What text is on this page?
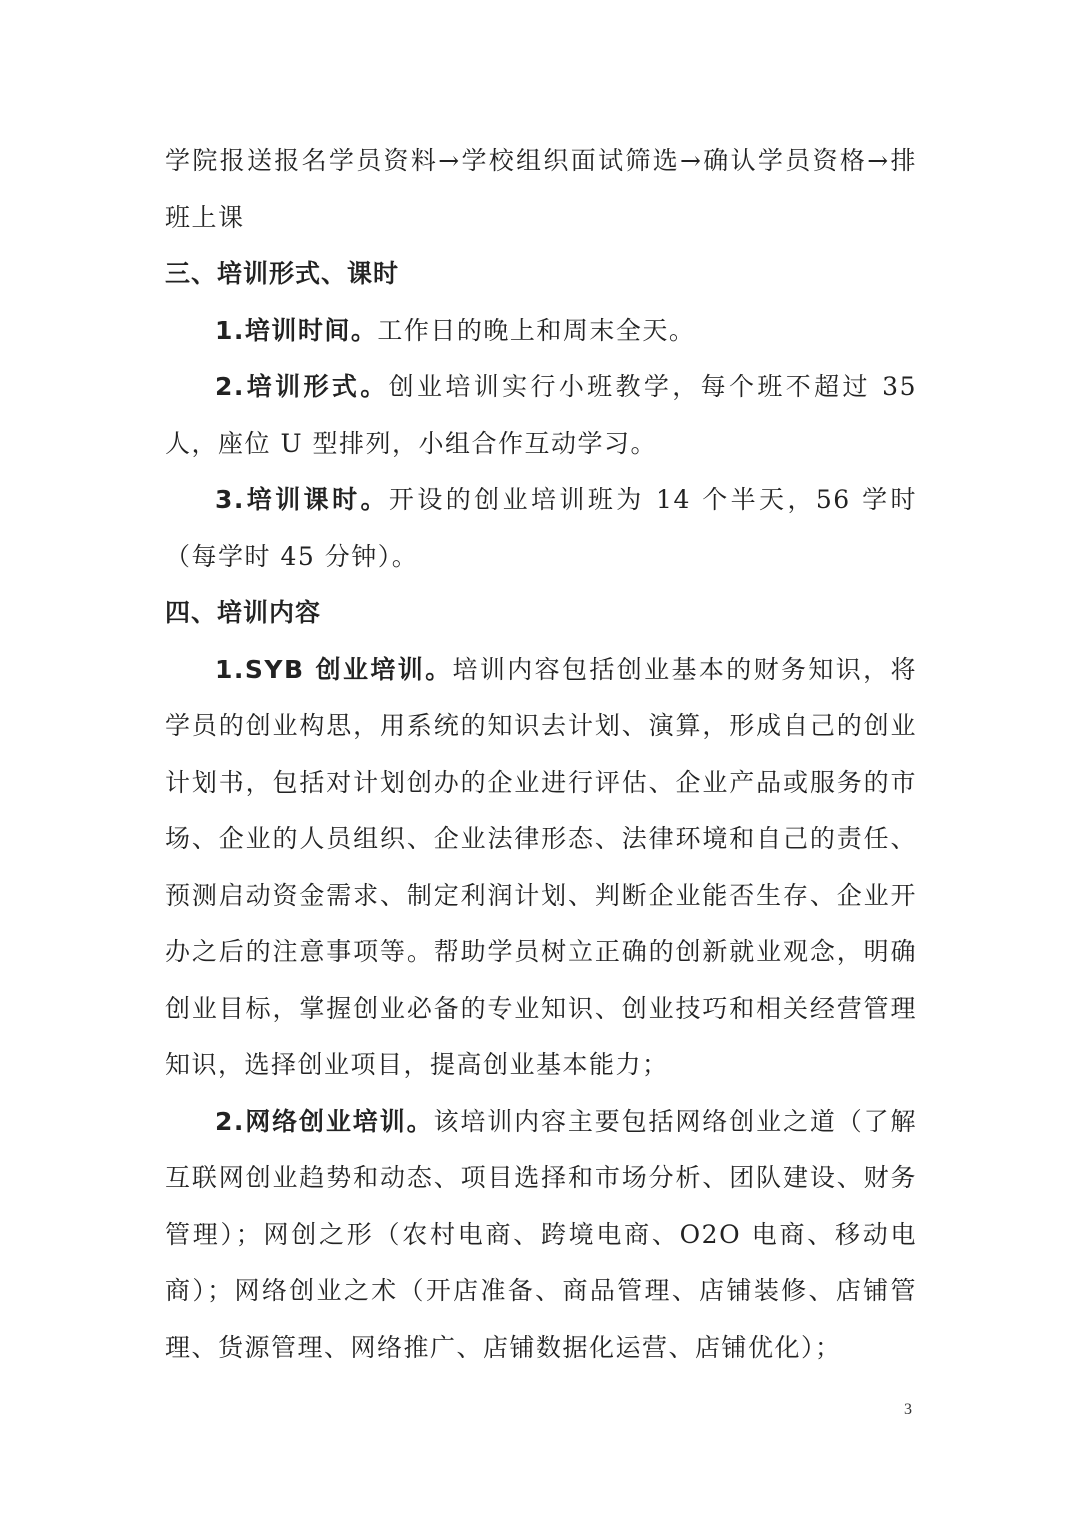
学院报送报名学员资料→学校组织面试筛选→确认学员资格→排班上课

三、培训形式、课时

1.培训时间。工作日的晚上和周末全天。

2.培训形式。创业培训实行小班教学，每个班不超过 35 人，座位 U 型排列，小组合作互动学习。

3.培训课时。开设的创业培训班为 14 个半天，56 学时（每学时 45 分钟）。

四、培训内容

1.SYB 创业培训。培训内容包括创业基本的财务知识，将学员的创业构思，用系统的知识去计划、演算，形成自己的创业计划书，包括对计划创办的企业进行评估、企业产品或服务的市场、企业的人员组织、企业法律形态、法律环境和自己的责任、预测启动资金需求、制定利润计划、判断企业能否生存、企业开办之后的注意事项等。帮助学员树立正确的创新就业观念，明确创业目标，掌握创业必备的专业知识、创业技巧和相关经营管理知识，选择创业项目，提高创业基本能力；

2.网络创业培训。该培训内容主要包括网络创业之道（了解互联网创业趋势和动态、项目选择和市场分析、团队建设、财务管理）；网创之形（农村电商、跨境电商、O2O 电商、移动电商）；网络创业之术（开店准备、商品管理、店铺装修、店铺管理、货源管理、网络推广、店铺数据化运营、店铺优化）；

3
